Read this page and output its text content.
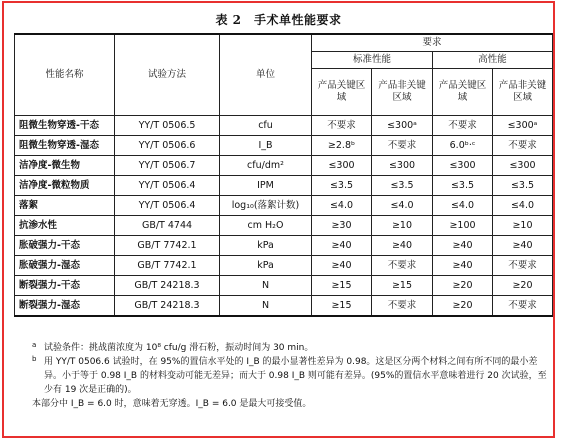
表 2　手术单性能要求
性能名称	试验方法	单位	要求			
			标准性能		高性能	
			产品关键区域	产品非关键区域	产品关键区域	产品非关键区域
阻微生物穿透-干态	YY/T 0506.5	cfu	不要求	≤300ᵃ	不要求	≤300ᵃ
阻微生物穿透-湿态	YY/T 0506.6	I_B	≥2.8ᵇ	不要求	6.0ᵇ·ᶜ	不要求
洁净度-微生物	YY/T 0506.7	cfu/dm²	≤300	≤300	≤300	≤300
洁净度-微粒物质	YY/T 0506.4	IPM	≤3.5	≤3.5	≤3.5	≤3.5
落絮	YY/T 0506.4	log₁₀(落絮计数)	≤4.0	≤4.0	≤4.0	≤4.0
抗渗水性	GB/T 4744	cm H₂O	≥30	≥10	≥100	≥10
胀破强力-干态	GB/T 7742.1	kPa	≥40	≥40	≥40	≥40
胀破强力-湿态	GB/T 7742.1	kPa	≥40	不要求	≥40	不要求
断裂强力-干态	GB/T 24218.3	N	≥15	≥15	≥20	≥20
断裂强力-湿态	GB/T 24218.3	N	≥15	不要求	≥20	不要求
a 试验条件：挑战菌浓度为 10⁸ cfu/g 滑石粉，振动时间为 30 min。
b 用 YY/T 0506.6 试验时，在 95%的置信水平处的 I_B 的最小显著性差异为 0.98。这是区分两个材料之间有所不同的最小差异。小于等于 0.98 I_B 的材料变动可能无差异；而大于 0.98 I_B 则可能有差异。(95%的置信水平意味着进行 20 次试验，至少有 19 次是正确的)。
本部分中 I_B = 6.0 时，意味着无穿透。I_B = 6.0 是最大可接受值。
